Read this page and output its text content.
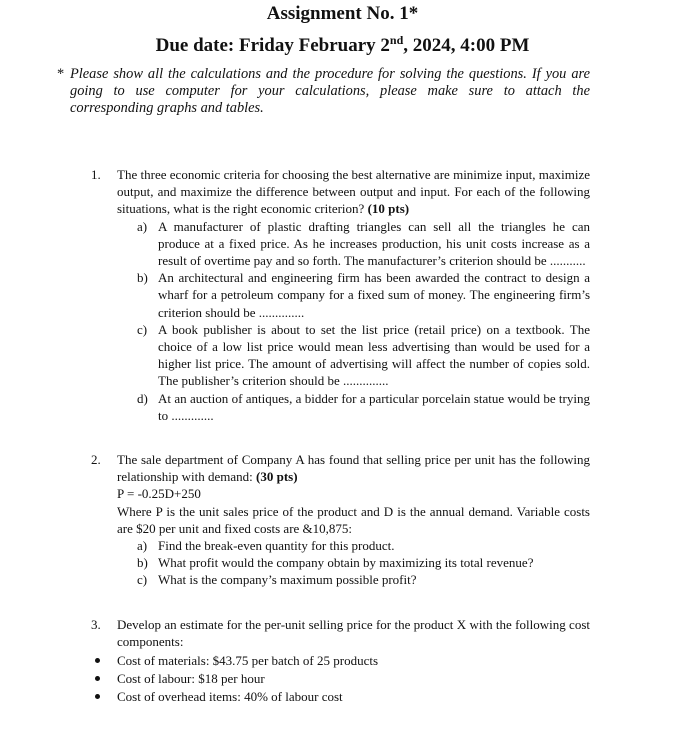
Assignment No. 1*
Due date: Friday February 2nd, 2024, 4:00 PM
* Please show all the calculations and the procedure for solving the questions. If you are going to use computer for your calculations, please make sure to attach the corresponding graphs and tables.
1. The three economic criteria for choosing the best alternative are minimize input, maximize output, and maximize the difference between output and input. For each of the following situations, what is the right economic criterion? (10 pts)
a) A manufacturer of plastic drafting triangles can sell all the triangles he can produce at a fixed price. As he increases production, his unit costs increase as a result of overtime pay and so forth. The manufacturer’s criterion should be ...........
b) An architectural and engineering firm has been awarded the contract to design a wharf for a petroleum company for a fixed sum of money. The engineering firm’s criterion should be ..............
c) A book publisher is about to set the list price (retail price) on a textbook. The choice of a low list price would mean less advertising than would be used for a higher list price. The amount of advertising will affect the number of copies sold. The publisher’s criterion should be ..............
d) At an auction of antiques, a bidder for a particular porcelain statue would be trying to .............
2. The sale department of Company A has found that selling price per unit has the following relationship with demand: (30 pts)
P = -0.25D+250
Where P is the unit sales price of the product and D is the annual demand. Variable costs are $20 per unit and fixed costs are &10,875:
a) Find the break-even quantity for this product.
b) What profit would the company obtain by maximizing its total revenue?
c) What is the company’s maximum possible profit?
3. Develop an estimate for the per-unit selling price for the product X with the following cost components:
Cost of materials: $43.75 per batch of 25 products
Cost of labour: $18 per hour
Cost of overhead items: 40% of labour cost
